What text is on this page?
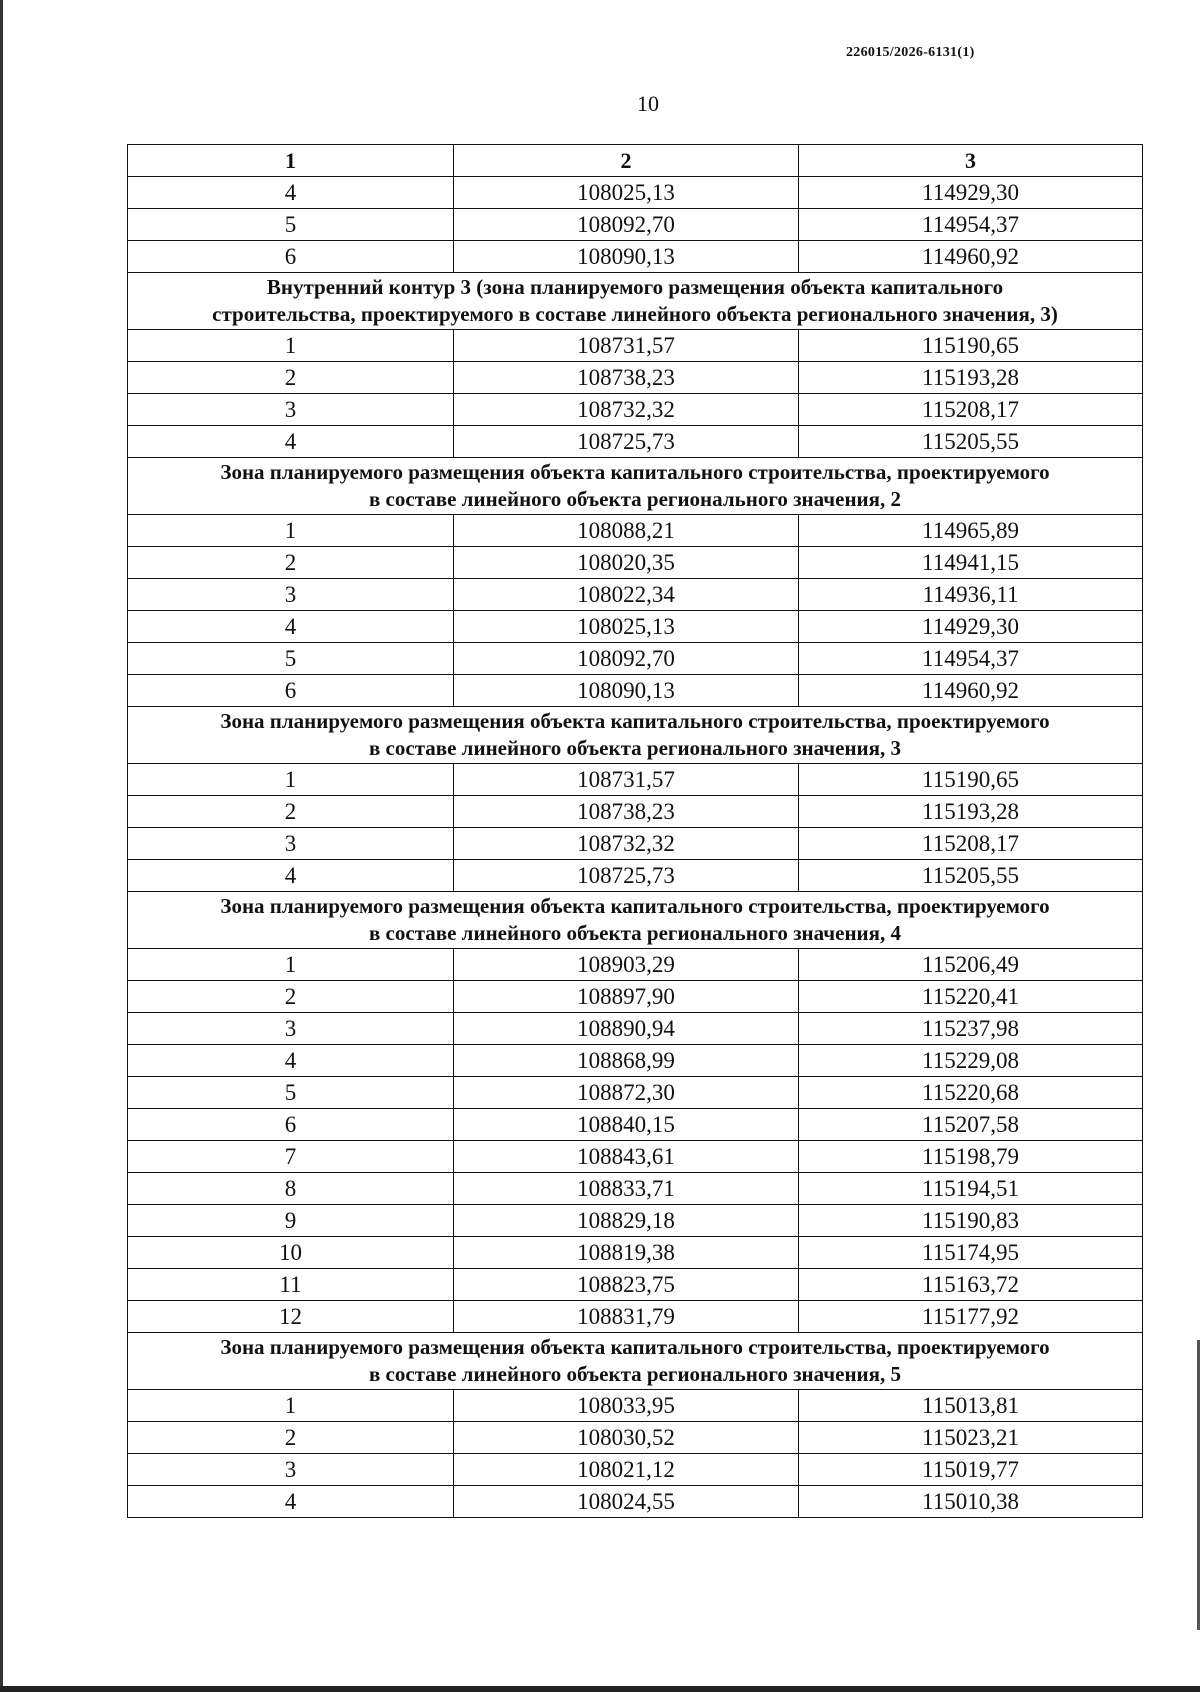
226015/2026-6131(1)
10
1	2	3
4	108025,13	114929,30
5	108092,70	114954,37
6	108090,13	114960,92

Внутренний контур 3 (зона планируемого размещения объекта капитального
строительства, проектируемого в составе линейного объекта регионального значения, 3)		

1	108731,57	115190,65
2	108738,23	115193,28
3	108732,32	115208,17
4	108725,73	115205,55

Зона планируемого размещения объекта капитального строительства, проектируемого
в составе линейного объекта регионального значения, 2		

1	108088,21	114965,89
2	108020,35	114941,15
3	108022,34	114936,11
4	108025,13	114929,30
5	108092,70	114954,37
6	108090,13	114960,92

Зона планируемого размещения объекта капитального строительства, проектируемого
в составе линейного объекта регионального значения, 3		

1	108731,57	115190,65
2	108738,23	115193,28
3	108732,32	115208,17
4	108725,73	115205,55

Зона планируемого размещения объекта капитального строительства, проектируемого
в составе линейного объекта регионального значения, 4		

1	108903,29	115206,49
2	108897,90	115220,41
3	108890,94	115237,98
4	108868,99	115229,08
5	108872,30	115220,68
6	108840,15	115207,58
7	108843,61	115198,79
8	108833,71	115194,51
9	108829,18	115190,83
10	108819,38	115174,95
11	108823,75	115163,72
12	108831,79	115177,92

Зона планируемого размещения объекта капитального строительства, проектируемого
в составе линейного объекта регионального значения, 5		

1	108033,95	115013,81
2	108030,52	115023,21
3	108021,12	115019,77
4	108024,55	115010,38
